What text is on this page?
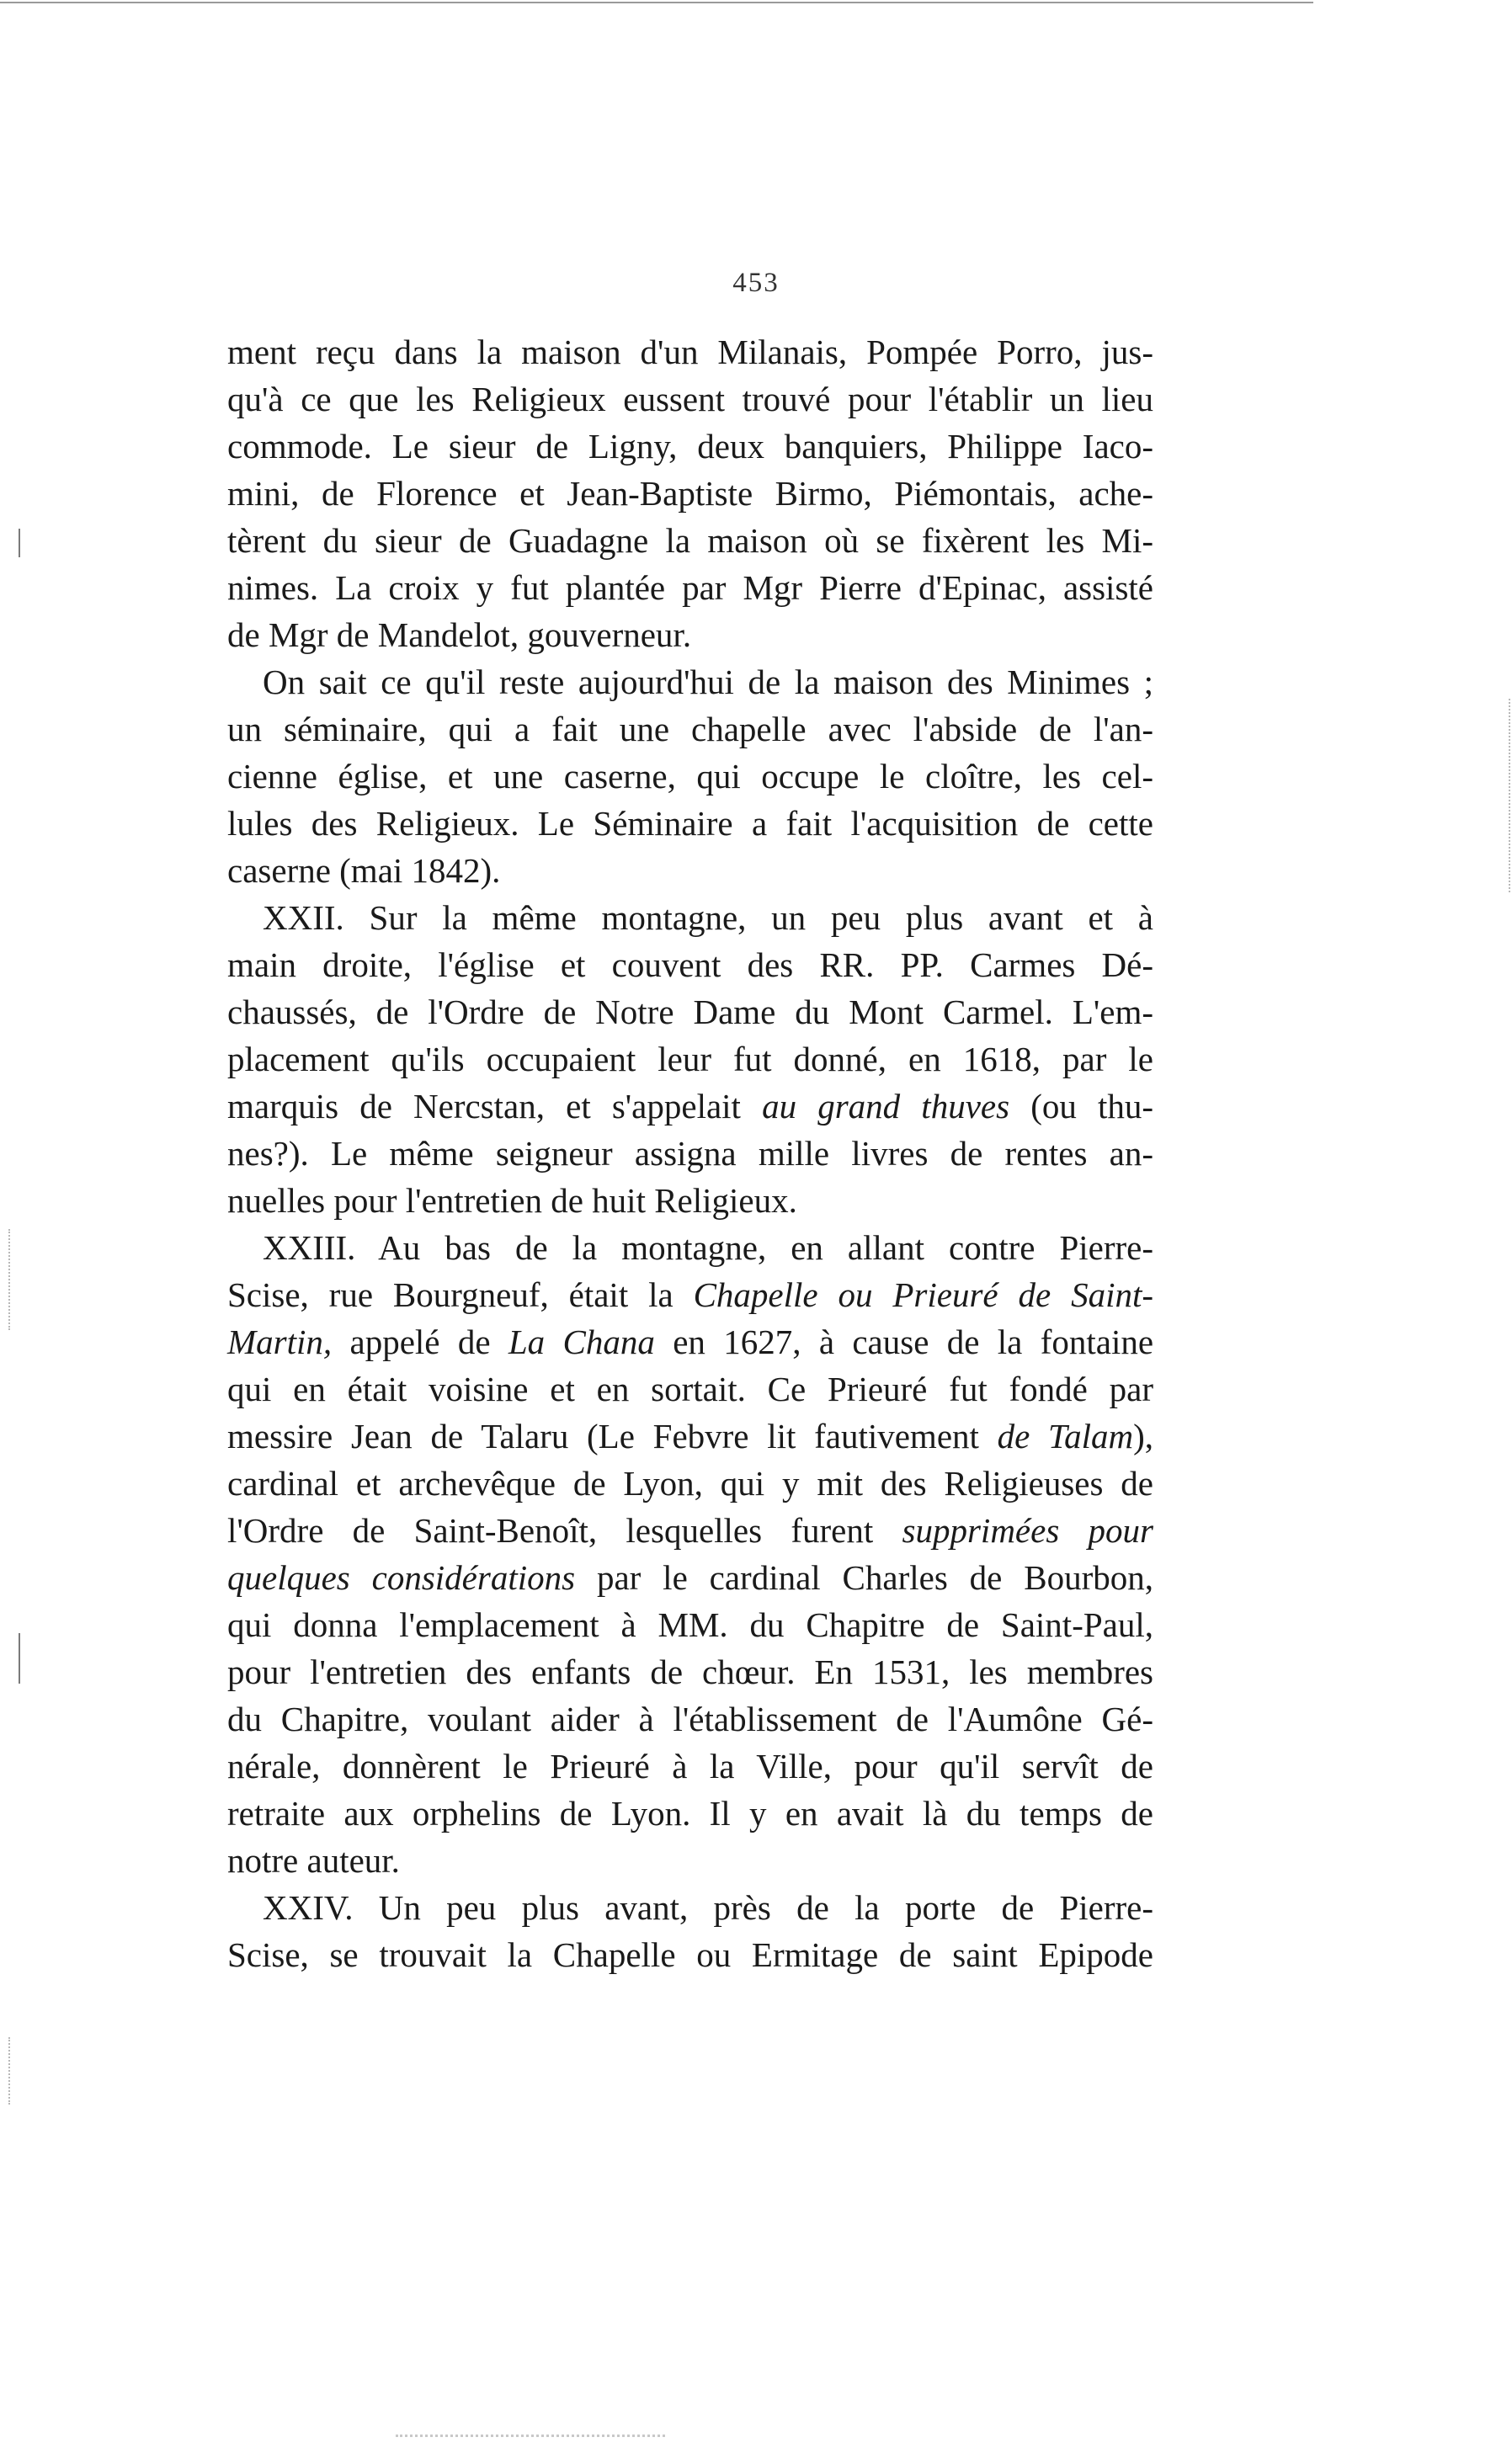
453
ment reçu dans la maison d'un Milanais, Pompée Porro, jus-
qu'à ce que les Religieux eussent trouvé pour l'établir un lieu
commode. Le sieur de Ligny, deux banquiers, Philippe Iaco-
mini, de Florence et Jean-Baptiste Birmo, Piémontais, ache-
tèrent du sieur de Guadagne la maison où se fixèrent les Mi-
nimes. La croix y fut plantée par Mgr Pierre d'Epinac, assisté
de Mgr de Mandelot, gouverneur.
On sait ce qu'il reste aujourd'hui de la maison des Minimes ;
un séminaire, qui a fait une chapelle avec l'abside de l'an-
cienne église, et une caserne, qui occupe le cloître, les cel-
lules des Religieux. Le Séminaire a fait l'acquisition de cette
caserne (mai 1842).
XXII. Sur la même montagne, un peu plus avant et à
main droite, l'église et couvent des RR. PP. Carmes Dé-
chaussés, de l'Ordre de Notre Dame du Mont Carmel. L'em-
placement qu'ils occupaient leur fut donné, en 1618, par le
marquis de Nercstan, et s'appelait au grand thuves (ou thu-
nes?). Le même seigneur assigna mille livres de rentes an-
nuelles pour l'entretien de huit Religieux.
XXIII. Au bas de la montagne, en allant contre Pierre-
Scise, rue Bourgneuf, était la Chapelle ou Prieuré de Saint-
Martin, appelé de La Chana en 1627, à cause de la fontaine
qui en était voisine et en sortait. Ce Prieuré fut fondé par
messire Jean de Talaru (Le Febvre lit fautivement de Talam),
cardinal et archevêque de Lyon, qui y mit des Religieuses de
l'Ordre de Saint-Benoît, lesquelles furent supprimées pour
quelques considérations par le cardinal Charles de Bourbon,
qui donna l'emplacement à MM. du Chapitre de Saint-Paul,
pour l'entretien des enfants de chœur. En 1531, les membres
du Chapitre, voulant aider à l'établissement de l'Aumône Gé-
nérale, donnèrent le Prieuré à la Ville, pour qu'il servît de
retraite aux orphelins de Lyon. Il y en avait là du temps de
notre auteur.
XXIV. Un peu plus avant, près de la porte de Pierre-
Scise, se trouvait la Chapelle ou Ermitage de saint Epipode
